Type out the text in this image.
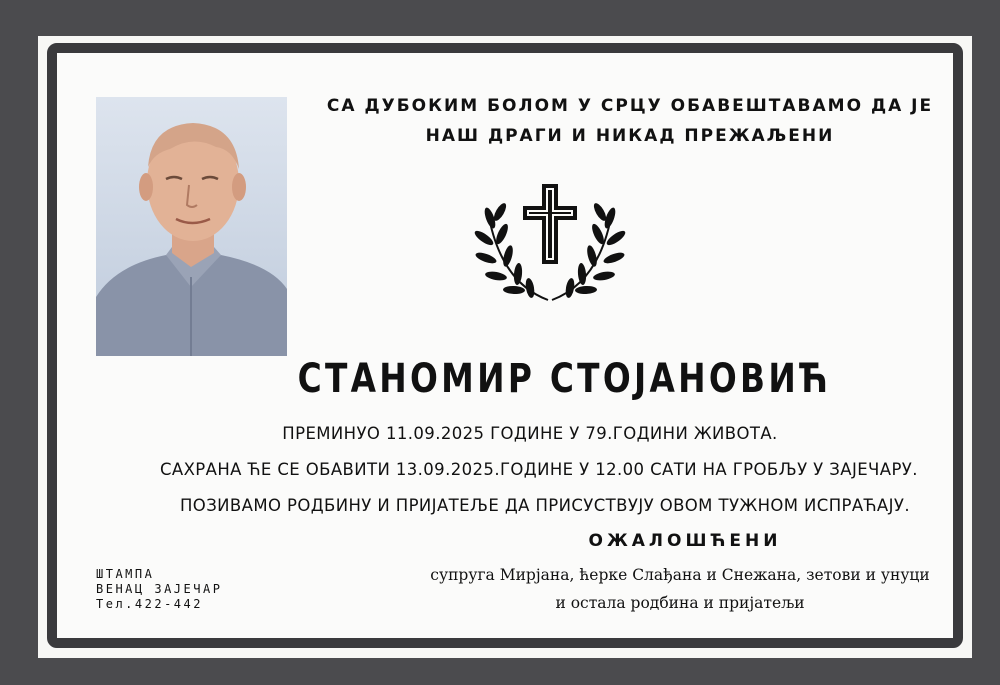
СА ДУБОКИМ БОЛОМ У СРЦУ ОБАВЕШТАВАМО ДА ЈЕ
НАШ ДРАГИ И НИКАД ПРЕЖАЉЕНИ
СТАНОМИР СТОЈАНОВИЋ
ПРЕМИНУО 11.09.2025 ГОДИНЕ У 79.ГОДИНИ ЖИВОТА.
САХРАНА ЋЕ СЕ ОБАВИТИ 13.09.2025.ГОДИНЕ У 12.00 САТИ НА ГРОБЉУ У ЗАЈЕЧАРУ.
ПОЗИВАМО РОДБИНУ И ПРИЈАТЕЉЕ ДА ПРИСУСТВУЈУ ОВОМ ТУЖНОМ ИСПРАЋАЈУ.
ОЖАЛОШЋЕНИ
супруга Мирјана, ћерке Слађана и Снежана, зетови и унуци
и остала родбина и пријатељи
ШТАМПА
ВЕНАЦ ЗАЈЕЧАР
Тел.422-442
